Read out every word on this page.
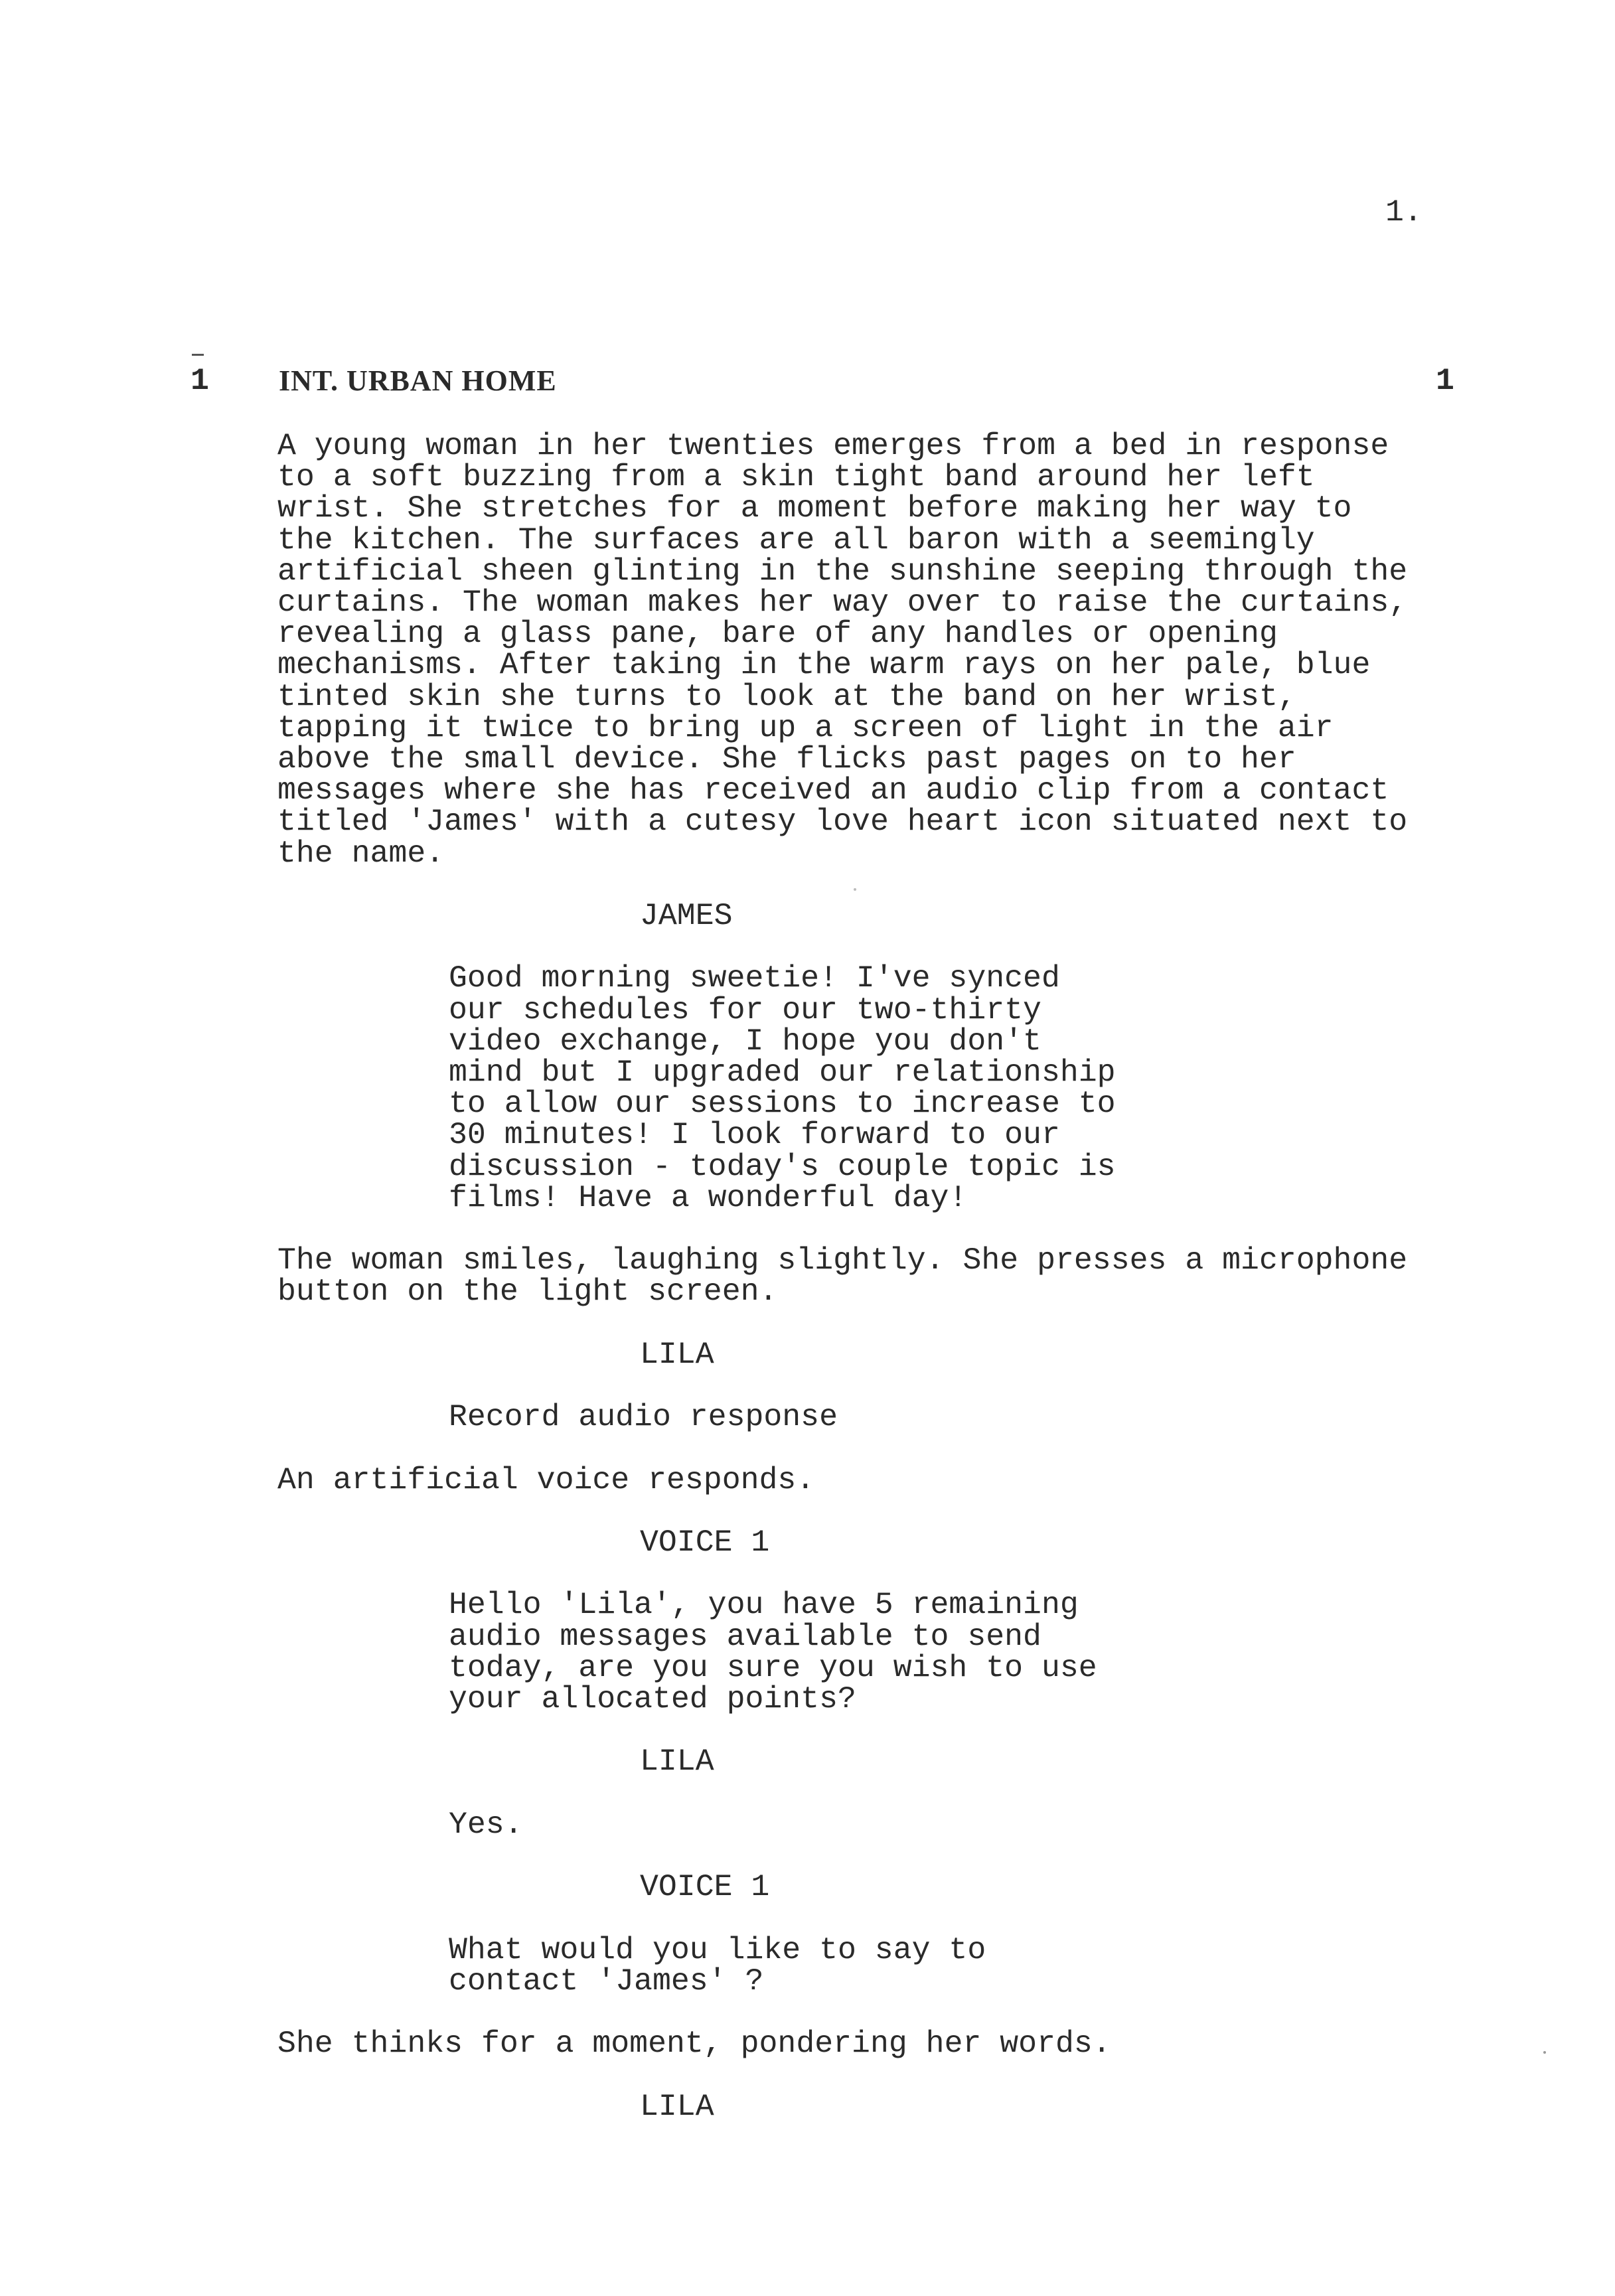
1.
1 INT. URBAN HOME	1
A young woman in her twenties emerges from a bed in response
to a soft buzzing from a skin tight band around her left
wrist. She stretches for a moment before making her way to
the kitchen. The surfaces are all baron with a seemingly
artificial sheen glinting in the sunshine seeping through the
curtains. The woman makes her way over to raise the curtains,
revealing a glass pane, bare of any handles or opening
mechanisms. After taking in the warm rays on her pale, blue
tinted skin she turns to look at the band on her wrist,
tapping it twice to bring up a screen of light in the air
above the small device. She flicks past pages on to her
messages where she has received an audio clip from a contact
titled 'James' with a cutesy love heart icon situated next to
the name.
JAMES
Good morning sweetie! I've synced
our schedules for our two-thirty
video exchange, I hope you don't
mind but I upgraded our relationship
to allow our sessions to increase to
30 minutes! I look forward to our
discussion - today's couple topic is
films! Have a wonderful day!
The woman smiles, laughing slightly. She presses a microphone
button on the light screen.
LILA
Record audio response
An artificial voice responds.
VOICE 1
Hello 'Lila', you have 5 remaining
audio messages available to send
today, are you sure you wish to use
your allocated points?
LILA
Yes.
VOICE 1
What would you like to say to
contact 'James' ?
She thinks for a moment, pondering her words.
LILA
